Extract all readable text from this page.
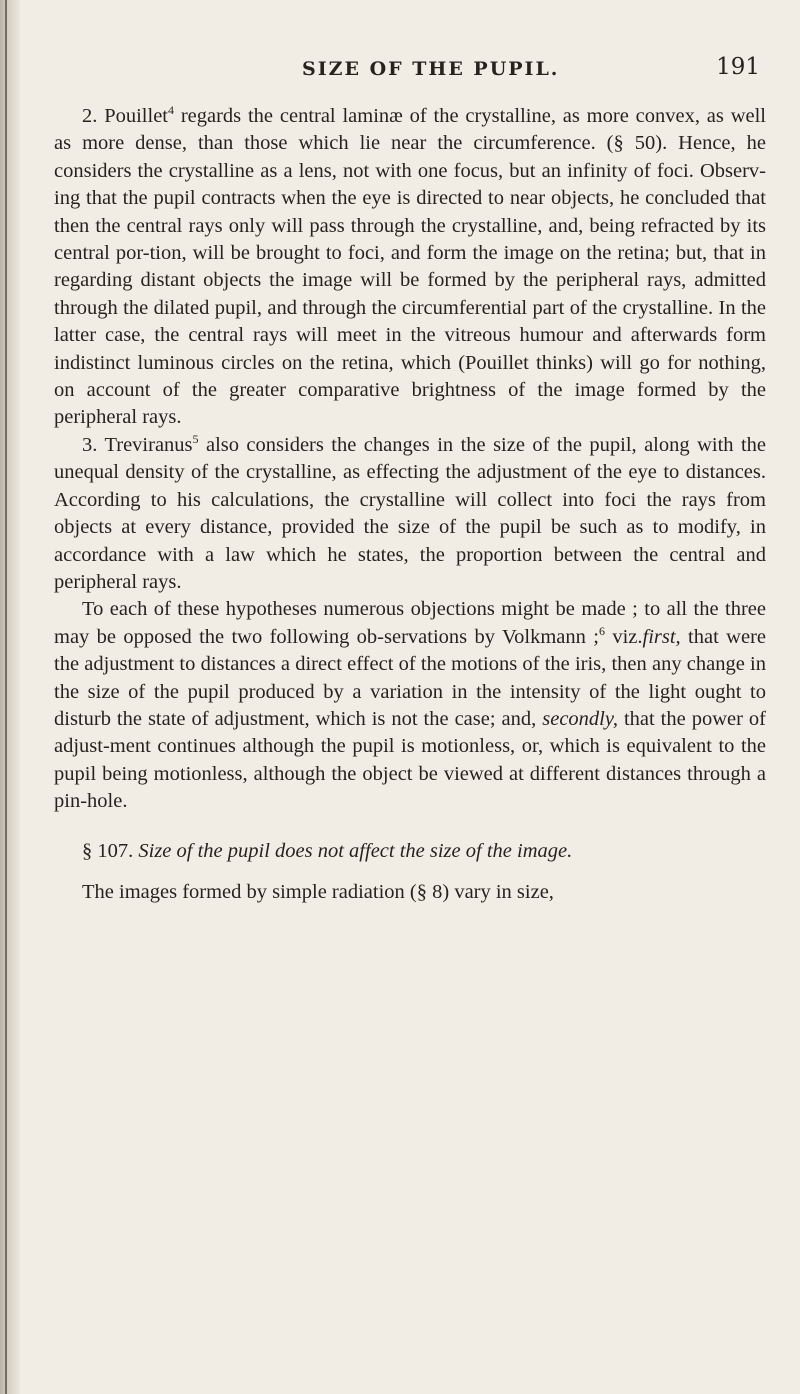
SIZE OF THE PUPIL.	191

2. Pouillet$^4$ regards the central laminæ of the crystalline, as more convex, as well as more dense, than those which lie near the circumference. (§ 50). Hence, he considers the crystalline as a lens, not with one focus, but an infinity of foci. Observ-ing that the pupil contracts when the eye is directed to near objects, he concluded that then the central rays only will pass through the crystalline, and, being refracted by its central por-tion, will be brought to foci, and form the image on the retina; but, that in regarding distant objects the image will be formed by the peripheral rays, admitted through the dilated pupil, and through the circumferential part of the crystalline. In the latter case, the central rays will meet in the vitreous humour and afterwards form indistinct luminous circles on the retina, which (Pouillet thinks) will go for nothing, on account of the greater comparative brightness of the image formed by the peripheral rays.

3. Treviranus$^5$ also considers the changes in the size of the pupil, along with the unequal density of the crystalline, as effecting the adjustment of the eye to distances. According to his calculations, the crystalline will collect into foci the rays from objects at every distance, provided the size of the pupil be such as to modify, in accordance with a law which he states, the proportion between the central and peripheral rays.

To each of these hypotheses numerous objections might be made ; to all the three may be opposed the two following ob-servations by Volkmann ;$^6$ viz.first, that were the adjustment to distances a direct effect of the motions of the iris, then any change in the size of the pupil produced by a variation in the intensity of the light ought to disturb the state of adjustment, which is not the case; and, secondly, that the power of adjust-ment continues although the pupil is motionless, or, which is equivalent to the pupil being motionless, although the object be viewed at different distances through a pin-hole.

§ 107. Size of the pupil does not affect the size of the image.

The images formed by simple radiation (§ 8) vary in size,
